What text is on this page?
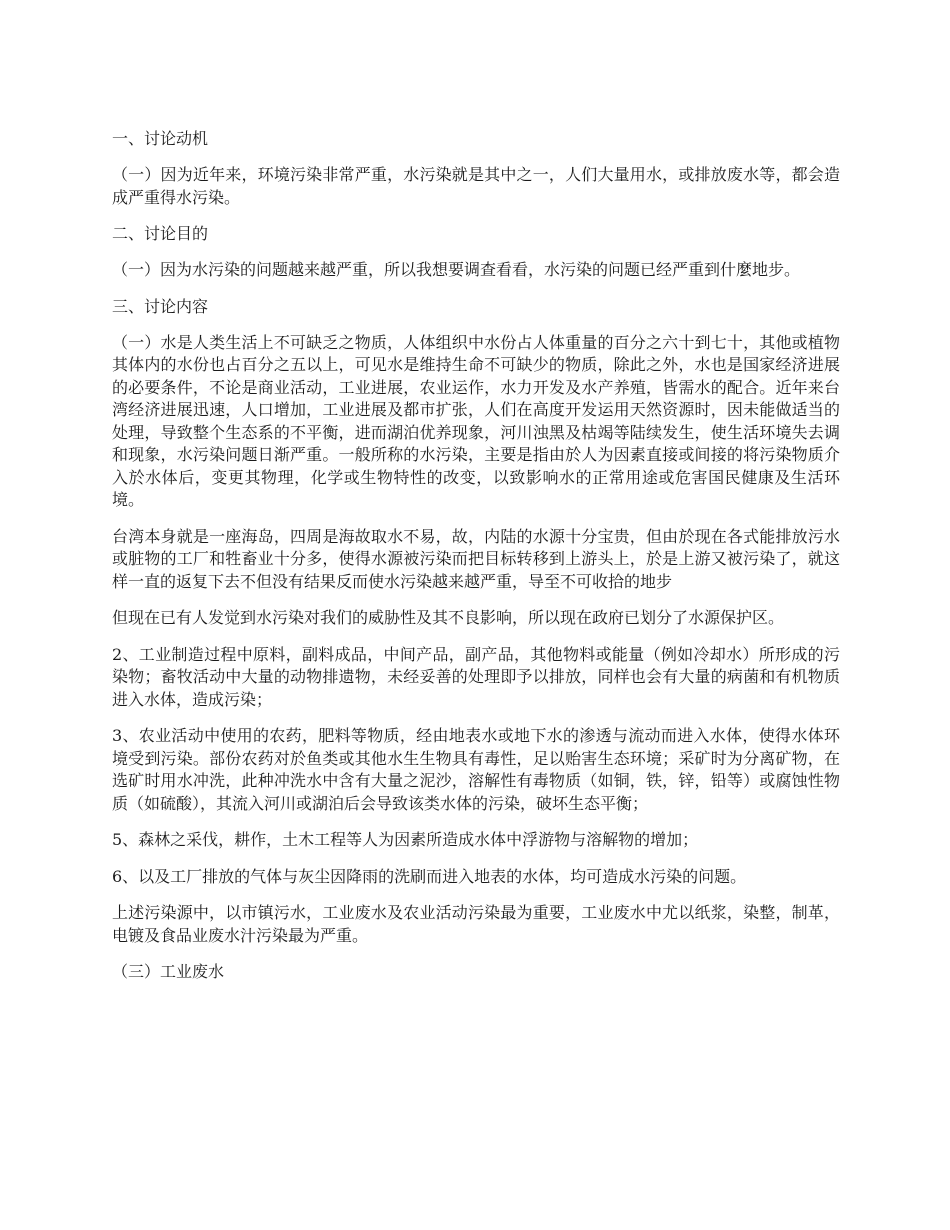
一、讨论动机
（一）因为近年来，环境污染非常严重，水污染就是其中之一，人们大量用水，或排放废水等，都会造成严重得水污染。
二、讨论目的
（一）因为水污染的问题越来越严重，所以我想要调查看看，水污染的问题已经严重到什麼地步。
三、讨论内容
（一）水是人类生活上不可缺乏之物质，人体组织中水份占人体重量的百分之六十到七十，其他或植物其体内的水份也占百分之五以上，可见水是维持生命不可缺少的物质，除此之外，水也是国家经济进展的必要条件，不论是商业活动，工业进展，农业运作，水力开发及水产养殖，皆需水的配合。近年来台湾经济进展迅速，人口增加，工业进展及都市扩张，人们在高度开发运用天然资源时，因未能做适当的处理，导致整个生态系的不平衡，进而湖泊优养现象，河川浊黑及枯竭等陆续发生，使生活环境失去调和现象，水污染问题日渐严重。一般所称的水污染，主要是指由於人为因素直接或间接的将污染物质介入於水体后，变更其物理，化学或生物特性的改变，以致影响水的正常用途或危害国民健康及生活环境。
台湾本身就是一座海岛，四周是海故取水不易，故，内陆的水源十分宝贵，但由於现在各式能排放污水或脏物的工厂和牲畜业十分多，使得水源被污染而把目标转移到上游头上，於是上游又被污染了，就这样一直的返复下去不但没有结果反而使水污染越来越严重，导至不可收拾的地步
但现在已有人发觉到水污染对我们的威胁性及其不良影响，所以现在政府已划分了水源保护区。
2、工业制造过程中原料，副料成品，中间产品，副产品，其他物料或能量（例如冷却水）所形成的污染物；畜牧活动中大量的动物排遗物，未经妥善的处理即予以排放，同样也会有大量的病菌和有机物质进入水体，造成污染；
3、农业活动中使用的农药，肥料等物质，经由地表水或地下水的渗透与流动而进入水体，使得水体环境受到污染。部份农药对於鱼类或其他水生生物具有毒性，足以贻害生态环境；采矿时为分离矿物，在选矿时用水冲洗，此种冲洗水中含有大量之泥沙，溶解性有毒物质（如铜，铁，锌，铅等）或腐蚀性物质（如硫酸），其流入河川或湖泊后会导致该类水体的污染，破坏生态平衡；
5、森林之采伐，耕作，土木工程等人为因素所造成水体中浮游物与溶解物的增加；
6、以及工厂排放的气体与灰尘因降雨的洗刷而进入地表的水体，均可造成水污染的问题。
上述污染源中，以市镇污水，工业废水及农业活动污染最为重要，工业废水中尤以纸浆，染整，制革，电镀及食品业废水汁污染最为严重。
（三）工业废水
